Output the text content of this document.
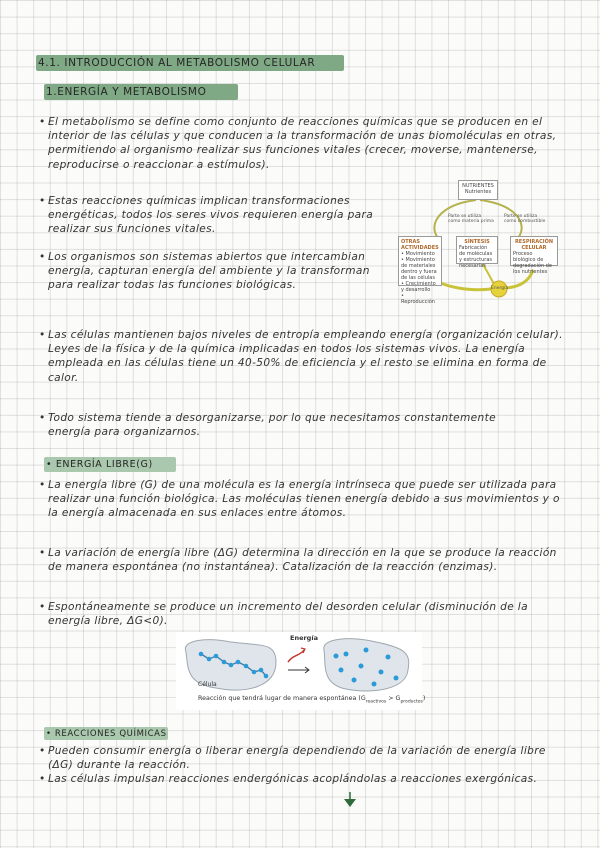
4.1. INTRODUCCIÓN AL METABOLISMO CELULAR
1.ENERGÍA Y METABOLISMO
• El metabolismo se define como conjunto de reacciones químicas que se producen en el interior de las células y que conducen a la transformación de unas biomoléculas en otras, permitiendo al organismo realizar sus funciones vitales (crecer, moverse, mantenerse, reproducirse o reaccionar a estímulos).

• Estas reacciones químicas implican transformaciones energéticas, todos los seres vivos requieren energía para realizar sus funciones vitales.

• Los organismos son sistemas abiertos que intercambian energía, capturan energía del ambiente y la transforman para realizar todas las funciones biológicas.

NUTRIENTES
Nutrientes
Parte se utiliza como materia prima
Parte se utiliza como combustible
OTRAS ACTIVIDADES
• Movimiento
• Movimiento de materiales dentro y fuera de las células
• Crecimiento y desarrollo
• Reproducción
SÍNTESIS
Fabricación de moléculas y estructuras necesarias
RESPIRACIÓN CELULAR
Proceso biológico de degradación de los nutrientes
Energía
• Las células mantienen bajos niveles de entropía empleando energía (organización celular). Leyes de la física y de la química implicadas en todos los sistemas vivos. La energía empleada en las células tiene un 40-50% de eficiencia y el resto se elimina en forma de calor.

• Todo sistema tiende a desorganizarse, por lo que necesitamos constantemente energía para organizarnos.

• ENERGÍA LIBRE(G)
• La energía libre (G) de una molécula es la energía intrínseca que puede ser utilizada para realizar una función biológica. Las moléculas tienen energía debido a sus movimientos y o la energía almacenada en sus enlaces entre átomos.

• La variación de energía libre (ΔG) determina la dirección en la que se produce la reacción de manera espontánea (no instantánea). Catalización de la reacción (enzimas).

• Espontáneamente se produce un incremento del desorden celular (disminución de la energía libre, ΔG<0).

Energía
Célula
Reacción que tendrá lugar de manera espontánea $(G_{reactivos} > G_{productos})$
• REACCIONES QUÍMICAS
• Pueden consumir energía o liberar energía dependiendo de la variación de energía libre (ΔG) durante la reacción.

• Las células impulsan reacciones endergónicas acoplándolas a reacciones exergónicas.
